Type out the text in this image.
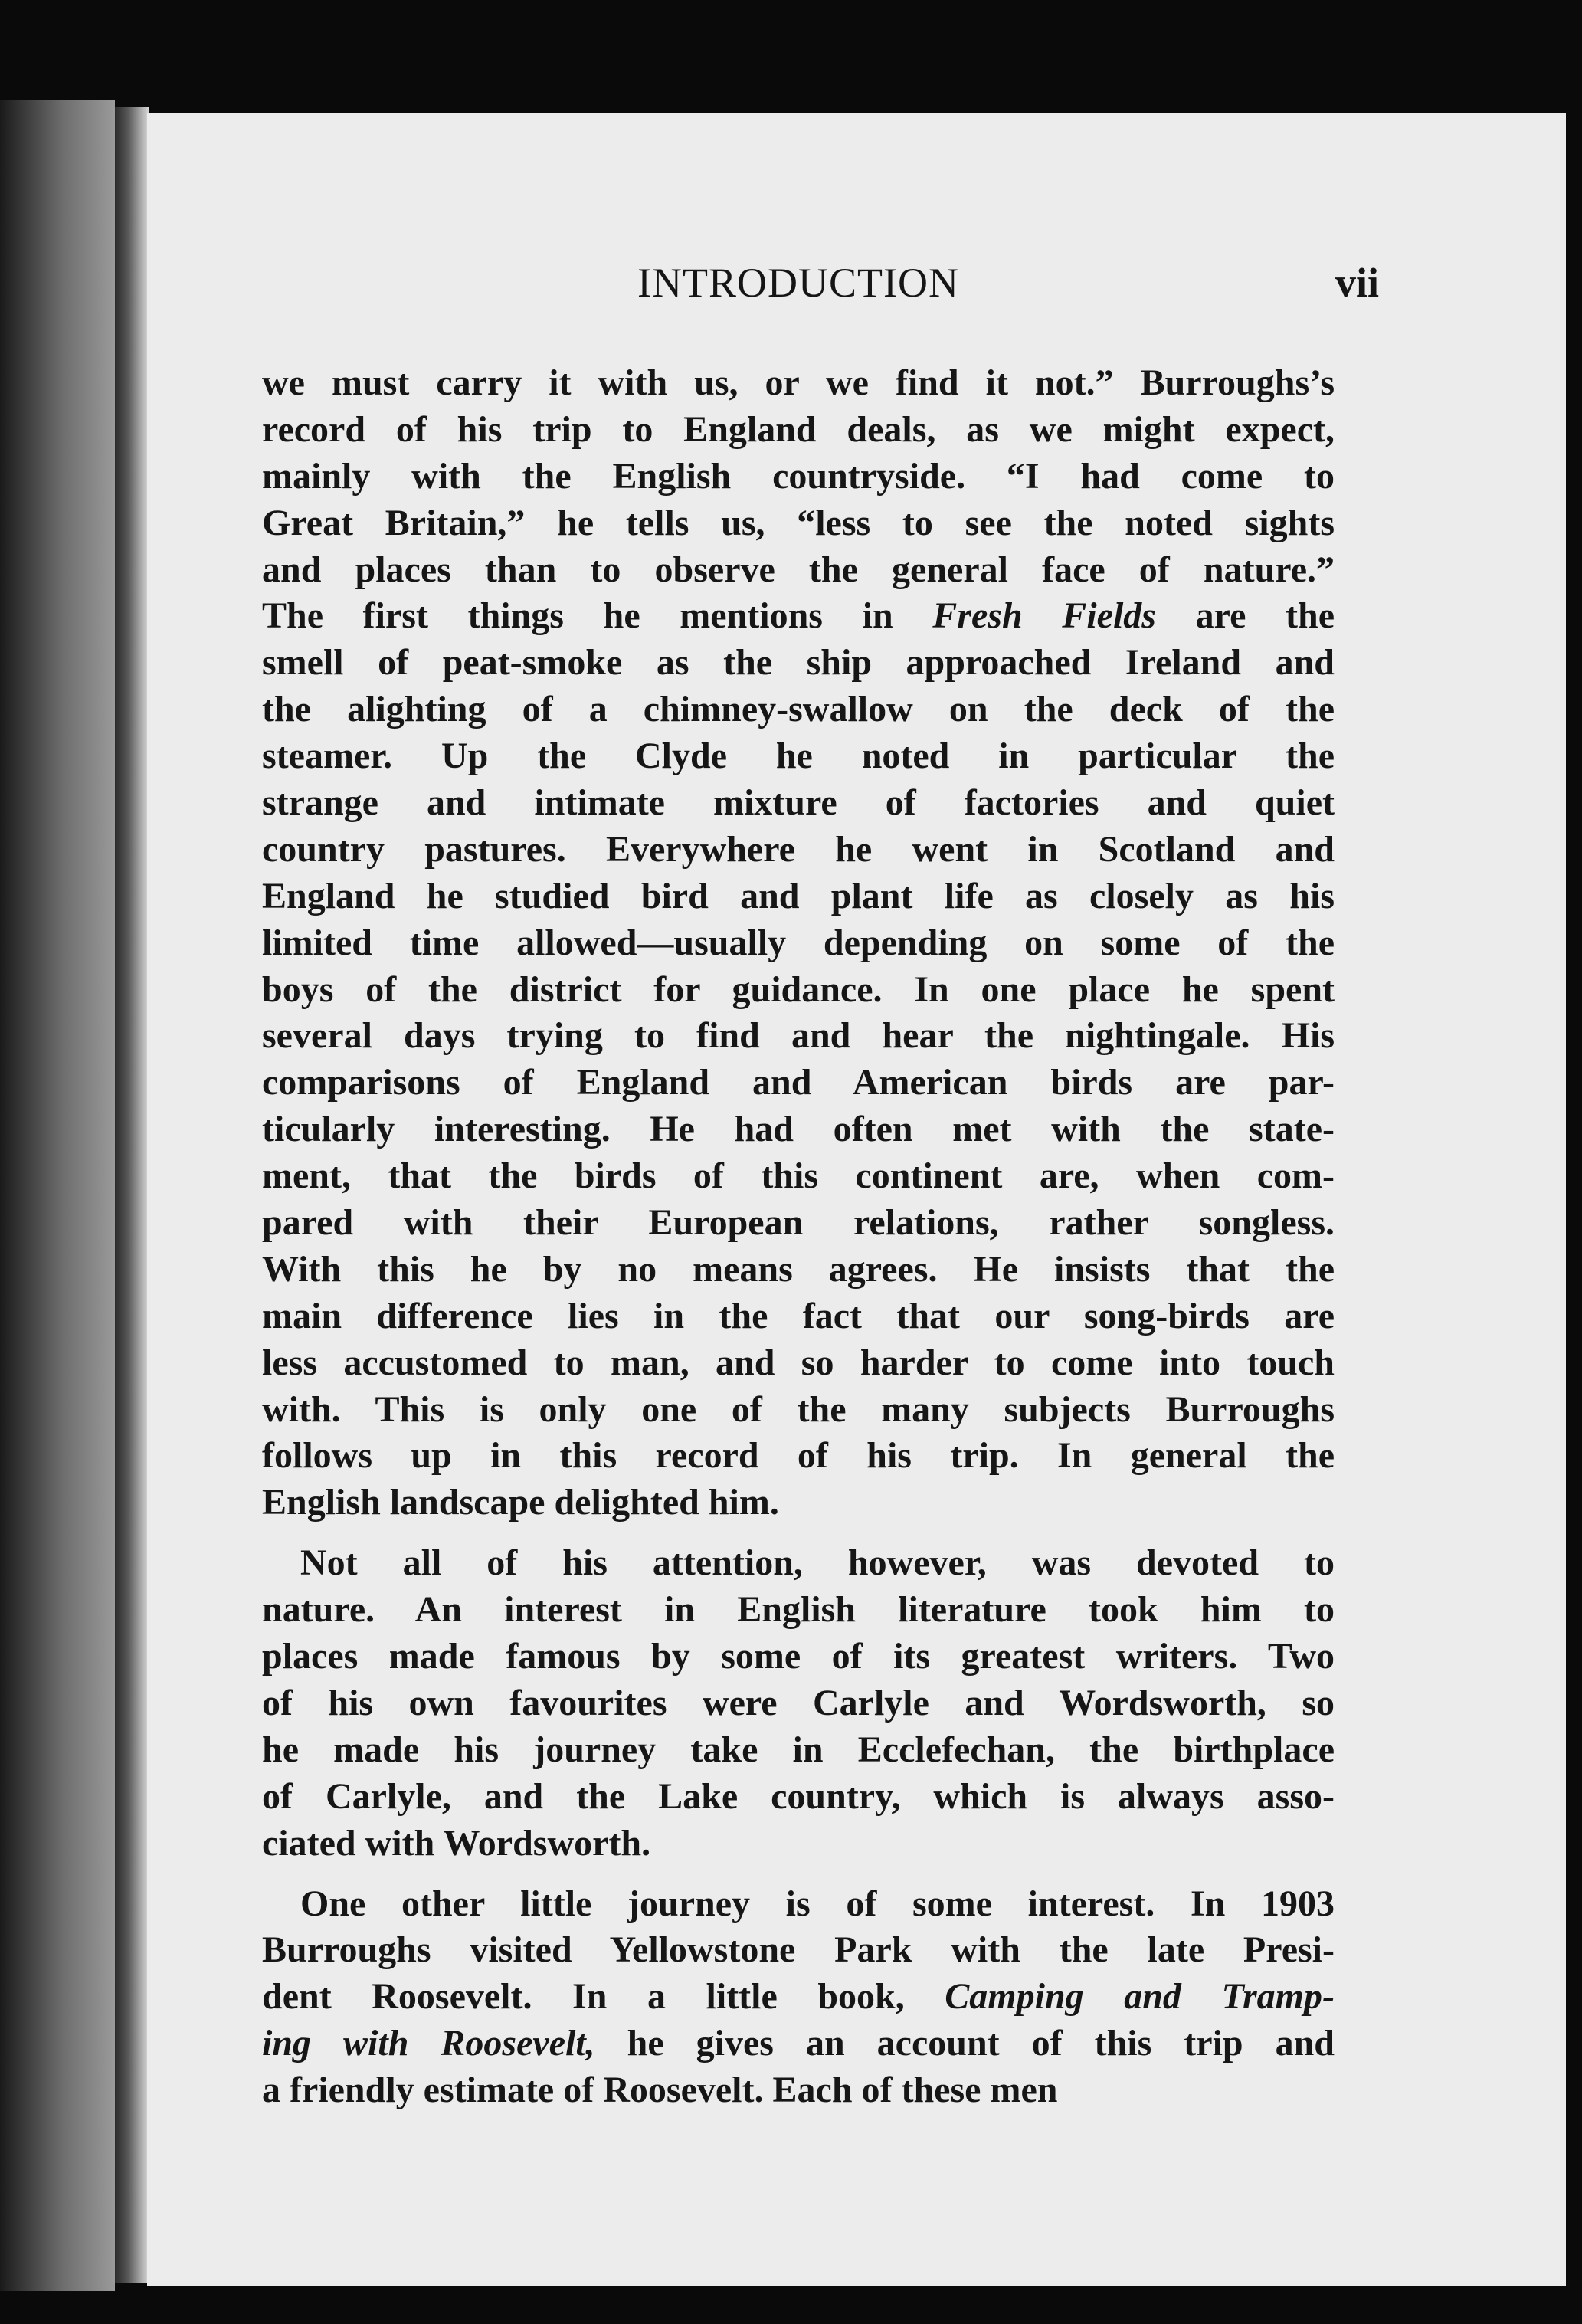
INTRODUCTION	vii
we must carry it with us, or we find it not.” Burroughs’s
record of his trip to England deals, as we might expect,
mainly with the English countryside. “I had come to
Great Britain,” he tells us, “less to see the noted sights
and places than to observe the general face of nature.”
The first things he mentions in Fresh Fields are the
smell of peat-smoke as the ship approached Ireland and
the alighting of a chimney-swallow on the deck of the
steamer. Up the Clyde he noted in particular the
strange and intimate mixture of factories and quiet
country pastures. Everywhere he went in Scotland and
England he studied bird and plant life as closely as his
limited time allowed—usually depending on some of the
boys of the district for guidance. In one place he spent
several days trying to find and hear the nightingale. His
comparisons of England and American birds are par-
ticularly interesting. He had often met with the state-
ment, that the birds of this continent are, when com-
pared with their European relations, rather songless.
With this he by no means agrees. He insists that the
main difference lies in the fact that our song-birds are
less accustomed to man, and so harder to come into touch
with. This is only one of the many subjects Burroughs
follows up in this record of his trip. In general the
English landscape delighted him.
Not all of his attention, however, was devoted to
nature. An interest in English literature took him to
places made famous by some of its greatest writers. Two
of his own favourites were Carlyle and Wordsworth, so
he made his journey take in Ecclefechan, the birthplace
of Carlyle, and the Lake country, which is always asso-
ciated with Wordsworth.
One other little journey is of some interest. In 1903
Burroughs visited Yellowstone Park with the late Presi-
dent Roosevelt. In a little book, Camping and Tramp-
ing with Roosevelt, he gives an account of this trip and
a friendly estimate of Roosevelt. Each of these men
